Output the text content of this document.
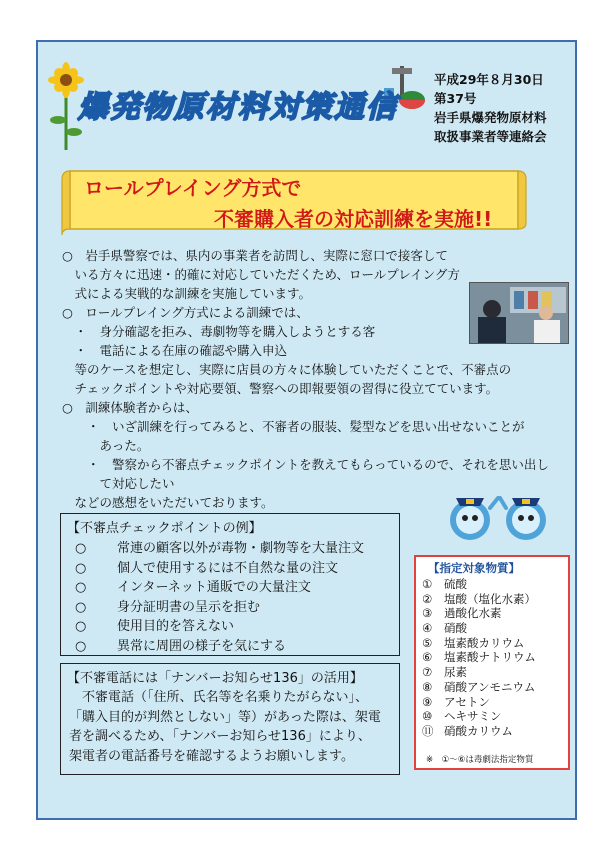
爆発物原材料対策通信
平成29年８月30日
第37号
岩手県爆発物原材料
取扱事業者等連絡会
ロールプレイング方式で
不審購入者の対応訓練を実施!!

○　岩手県警察では、県内の事業者を訪問し、実際に窓口で接客して

　いる方々に迅速・的確に対応していただくため、ロールプレイング方

　式による実戦的な訓練を実施しています。

○　ロールプレイング方式による訓練では、

　・　身分確認を拒み、毒劇物等を購入しようとする客

　・　電話による在庫の確認や購入申込

　等のケースを想定し、実際に店員の方々に体験していただくことで、不審点の

　チェックポイントや対応要領、警察への即報要領の習得に役立てています。

○　訓練体験者からは、

　　・　いざ訓練を行ってみると、不審者の服装、髪型などを思い出せないことが

　　　あった。

　　・　警察から不審点チェックポイントを教えてもらっているので、それを思い出し

　　　て対応したい

　などの感想をいただいております。

【不審点チェックポイントの例】
○ 常連の顧客以外が毒物・劇物等を大量注文
○ 個人で使用するには不自然な量の注文
○ インターネット通販での大量注文
○ 身分証明書の呈示を拒む
○ 使用目的を答えない
○ 異常に周囲の様子を気にする
【不審電話には「ナンバーお知らせ136」の活用】

　不審電話（「住所、氏名等を名乗りたがらない」、

「購入目的が判然としない」等）があった際は、架電

者を調べるため、「ナンバーお知らせ136」により、

架電者の電話番号を確認するようお願いします。

【指定対象物質】
① 硫酸
② 塩酸（塩化水素）
③ 過酸化水素
④ 硝酸
⑤ 塩素酸カリウム
⑥ 塩素酸ナトリウム
⑦ 尿素
⑧ 硝酸アンモニウム
⑨ アセトン
⑩ ヘキサミン
⑪ 硝酸カリウム
※　①～⑥は毒劇法指定物質
